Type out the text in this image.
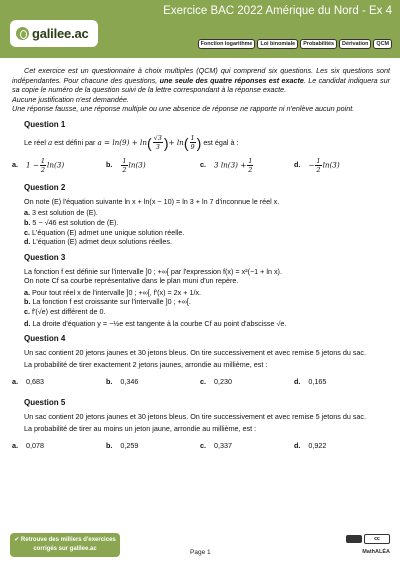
galilee.ac
Exercice BAC 2022 Amérique du Nord - Ex 4
Fonction logarithme	Loi binomiale	Probabilités	Dérivation	QCM

Cet exercice est un questionnaire à choix multiples (QCM) qui comprend six questions. Les six questions sont indépendantes. Pour chacune des questions, une seule des quatre réponses est exacte. Le candidat indiquera sur sa copie le numéro de la question suivi de la lettre correspondant à la réponse exacte.

Aucune justification n'est demandée.

Une réponse fausse, une réponse multiple ou une absence de réponse ne rapporte ni n'enlève aucun point.

Question 1
Le réel
a
est défini par
a = ln(9) + ln ( $\frac{√3}{3}$ ) + ln ( $\frac{1}{9}$ )
est égal à :
a. $1 - \frac{1}{2} \ln(3)$	b. $\frac{1}{2} \ln(3)$	c. 3 $\ln(3) + \frac{1}{2}$	d. − $\frac{1}{2} \ln(3)$
Question 2
On note (E) l'équation suivante ln x + ln(x − 10) = ln 3 + ln 7 d'inconnue le réel x.
a. 3 est solution de (E).
b. 5 − √46 est solution de (E).
c. L'équation (E) admet une unique solution réelle.
d. L'équation (E) admet deux solutions réelles.
Question 3
La fonction f est définie sur l'intervalle ]0 ; +∞[ par l'expression f(x) = x²(−1 + ln x).
On note Cf sa courbe représentative dans le plan muni d'un repère.
a. Pour tout réel x de l'intervalle ]0 ; +∞[, f′(x) = 2x + 1/x.
b. La fonction f est croissante sur l'intervalle ]0 ; +∞[.
c. f′(√e) est différent de 0.
d. La droite d'équation y = −½e est tangente à la courbe Cf au point d'abscisse √e.
Question 4
Un sac contient 20 jetons jaunes et 30 jetons bleus. On tire successivement et avec remise 5 jetons du sac.
La probabilité de tirer exactement 2 jetons jaunes, arrondie au millième, est :
a. 0,683	b. 0,346	c. 0,230	d. 0,165
Question 5
Un sac contient 20 jetons jaunes et 30 jetons bleus. On tire successivement et avec remise 5 jetons du sac.
La probabilité de tirer au moins un jeton jaune, arrondie au millième, est :
a. 0,078	b. 0,259	c. 0,337	d. 0,922
✔ Retrouve des milliers d'exercices corrigés sur galilee.ac
Page 1
cc
MathALÉA
